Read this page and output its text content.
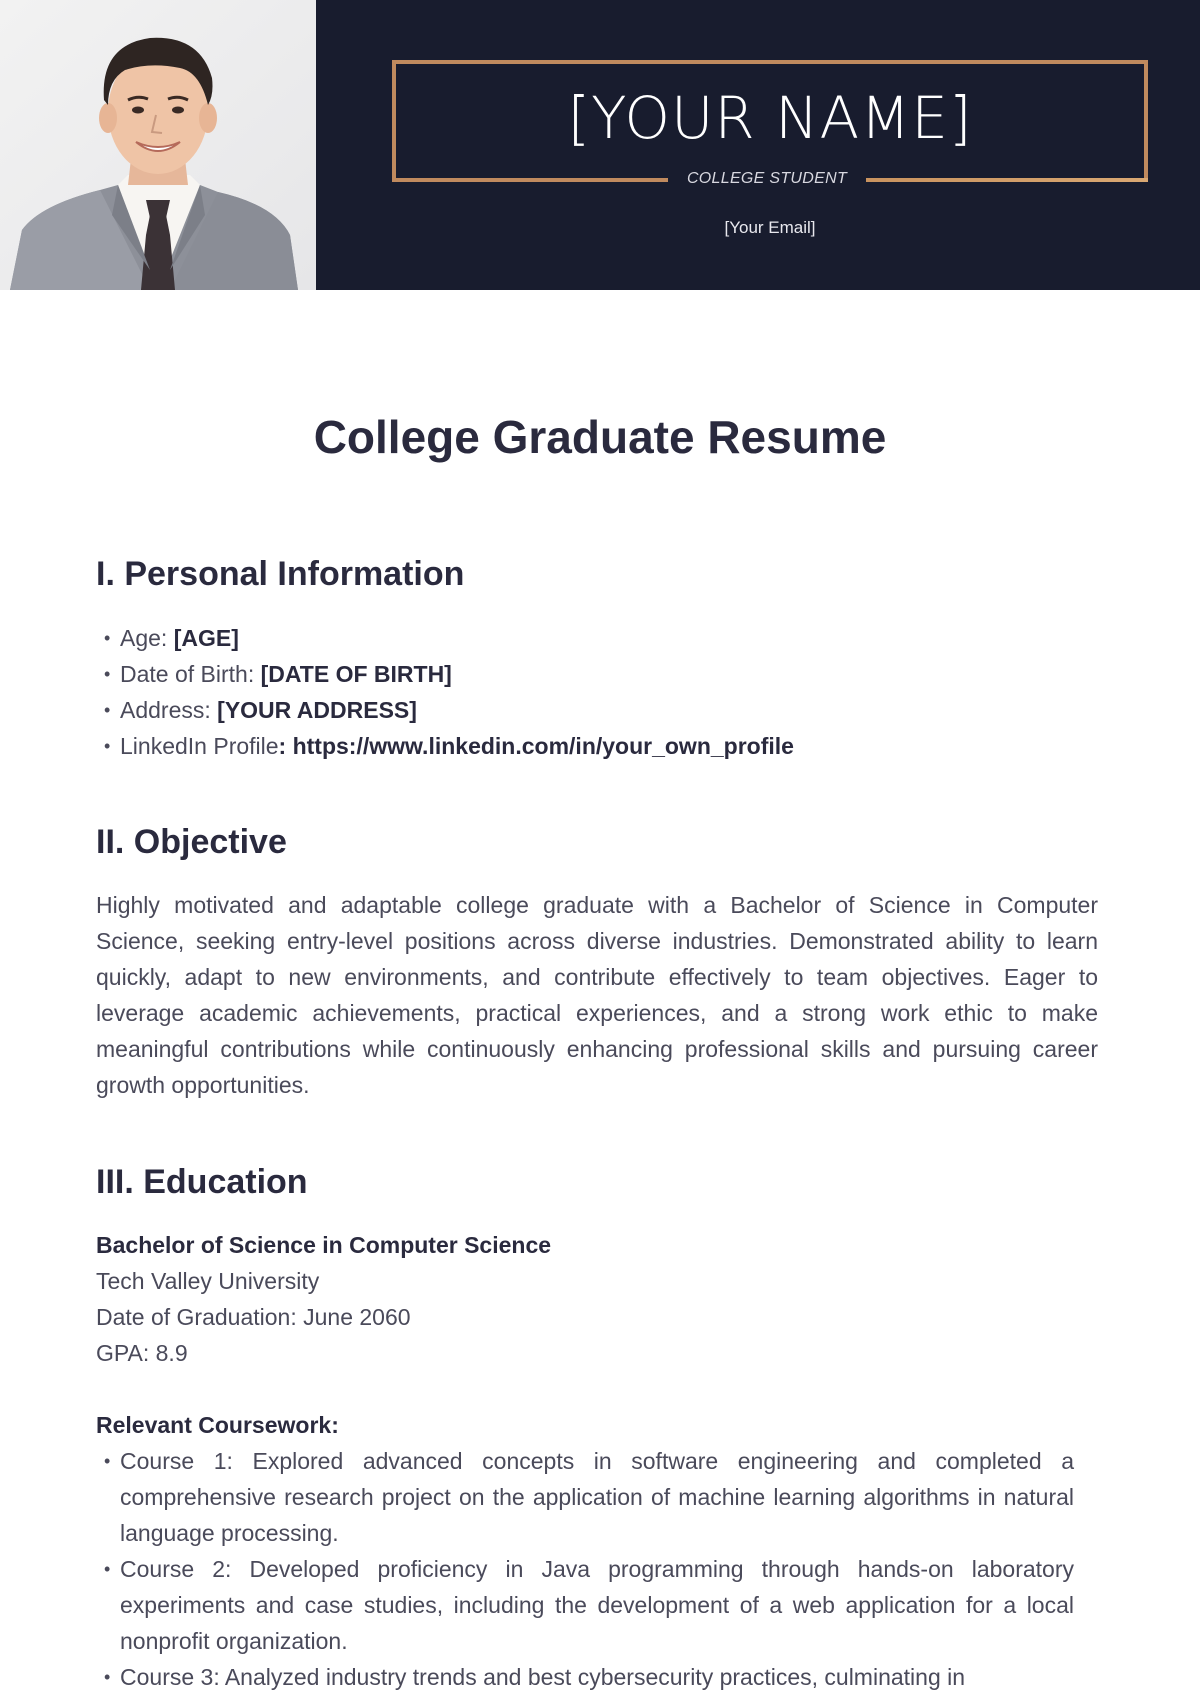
[YOUR NAME]
COLLEGE STUDENT
[Your Email]
College Graduate Resume
I. Personal Information
• Age: [AGE]
• Date of Birth: [DATE OF BIRTH]
• Address: [YOUR ADDRESS]
• LinkedIn Profile: https://www.linkedin.com/in/your_own_profile
II. Objective

Highly motivated and adaptable college graduate with a Bachelor of Science in Computer Science, seeking entry-level positions across diverse industries. Demonstrated ability to learn quickly, adapt to new environments, and contribute effectively to team objectives. Eager to leverage academic achievements, practical experiences, and a strong work ethic to make meaningful contributions while continuously enhancing professional skills and pursuing career growth opportunities.

III. Education
Bachelor of Science in Computer Science
Tech Valley University
Date of Graduation: June 2060
GPA: 8.9
Relevant Coursework:
• Course 1: Explored advanced concepts in software engineering and completed a comprehensive research project on the application of machine learning algorithms in natural language processing.
• Course 2: Developed proficiency in Java programming through hands-on laboratory experiments and case studies, including the development of a web application for a local nonprofit organization.
• Course 3: Analyzed industry trends and best cybersecurity practices, culminating in
